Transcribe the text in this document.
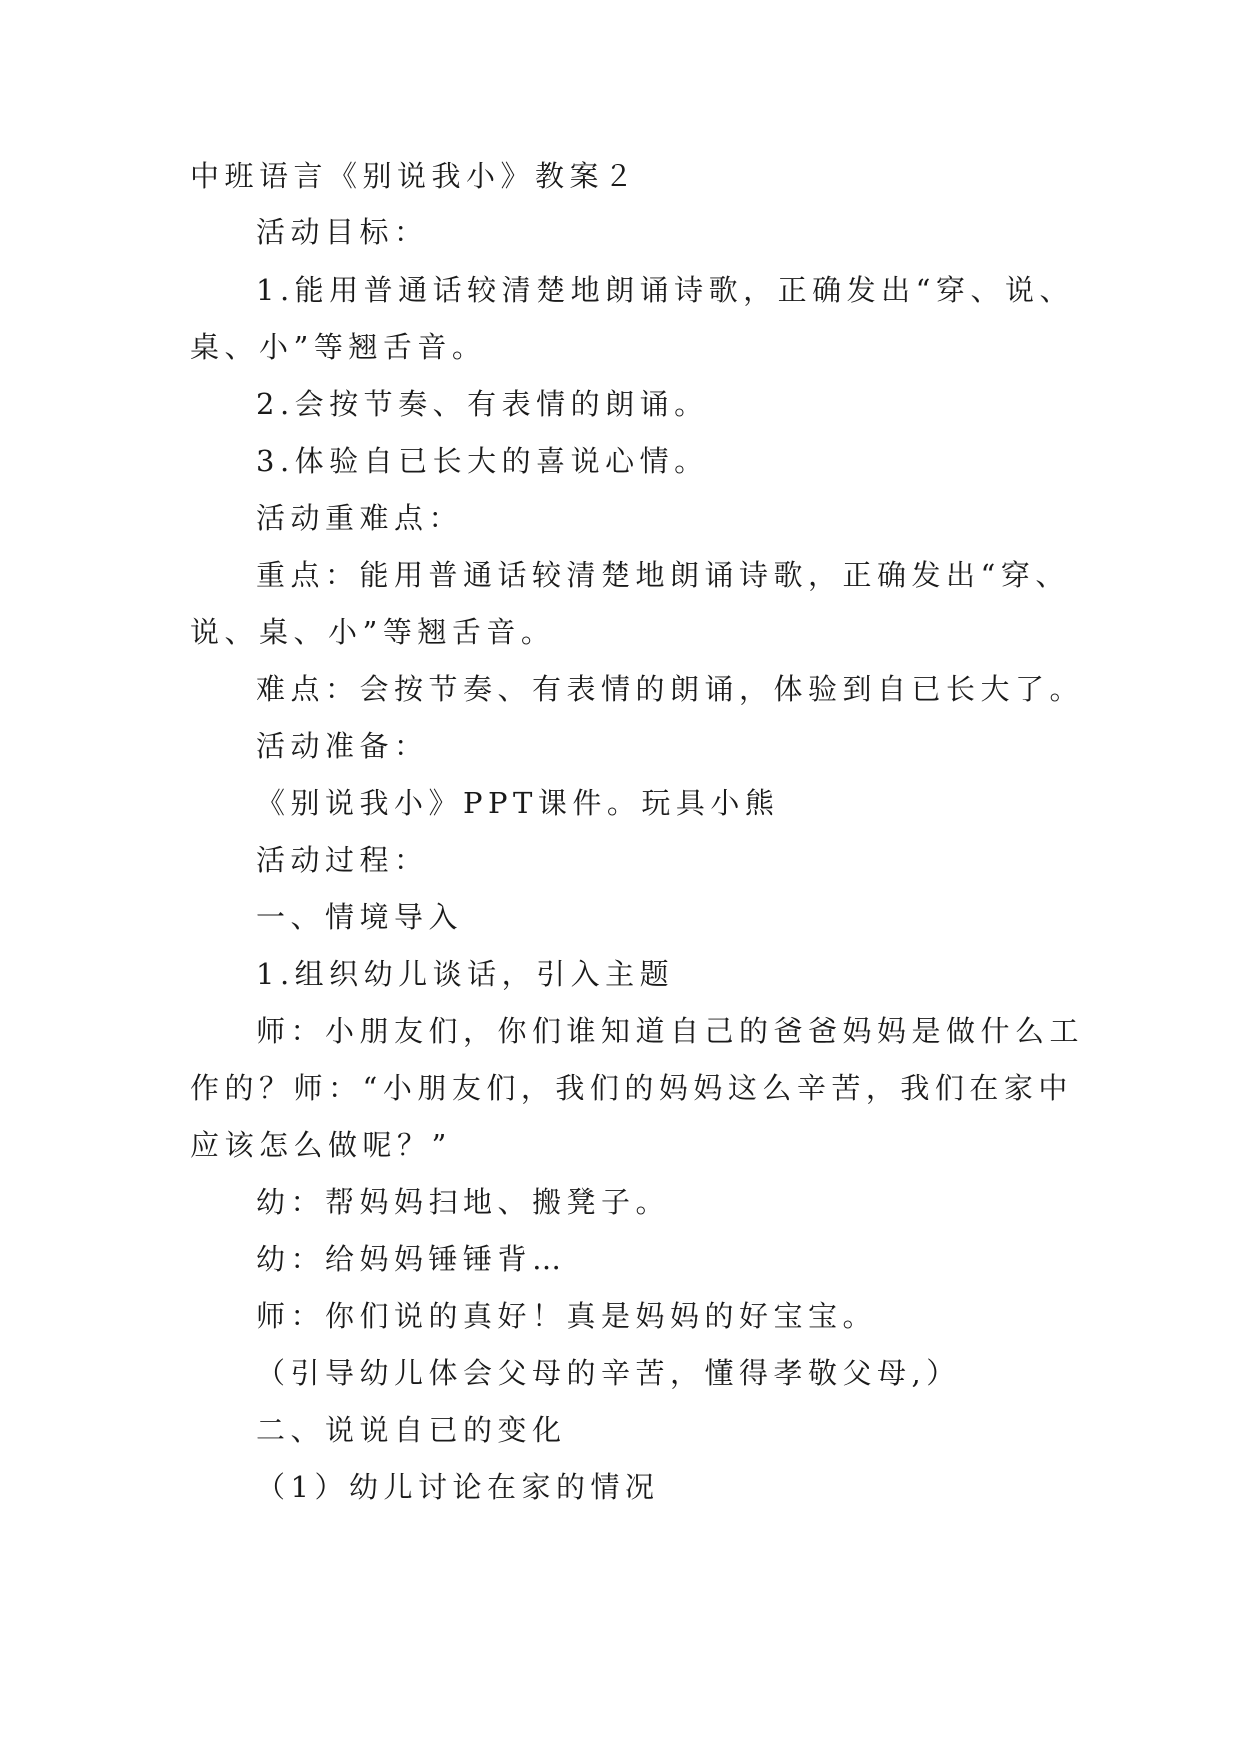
中班语言《别说我小》教案２
活动目标：
1.能用普通话较清楚地朗诵诗歌，正确发出“穿、说、
桌、小”等翘舌音。
2.会按节奏、有表情的朗诵。
3.体验自已长大的喜说心情。
活动重难点：
重点：能用普通话较清楚地朗诵诗歌，正确发出“穿、
说、桌、小”等翘舌音。
难点：会按节奏、有表情的朗诵，体验到自已长大了。
活动准备：
《别说我小》PPT课件。玩具小熊
活动过程：
一、情境导入
1.组织幼儿谈话，引入主题
师：小朋友们，你们谁知道自己的爸爸妈妈是做什么工
作的？师：“小朋友们，我们的妈妈这么辛苦，我们在家中
应该怎么做呢？”
幼：帮妈妈扫地、搬凳子。
幼：给妈妈锤锤背…
师：你们说的真好！真是妈妈的好宝宝。
（引导幼儿体会父母的辛苦，懂得孝敬父母,）
二、说说自已的变化
（1）幼儿讨论在家的情况
